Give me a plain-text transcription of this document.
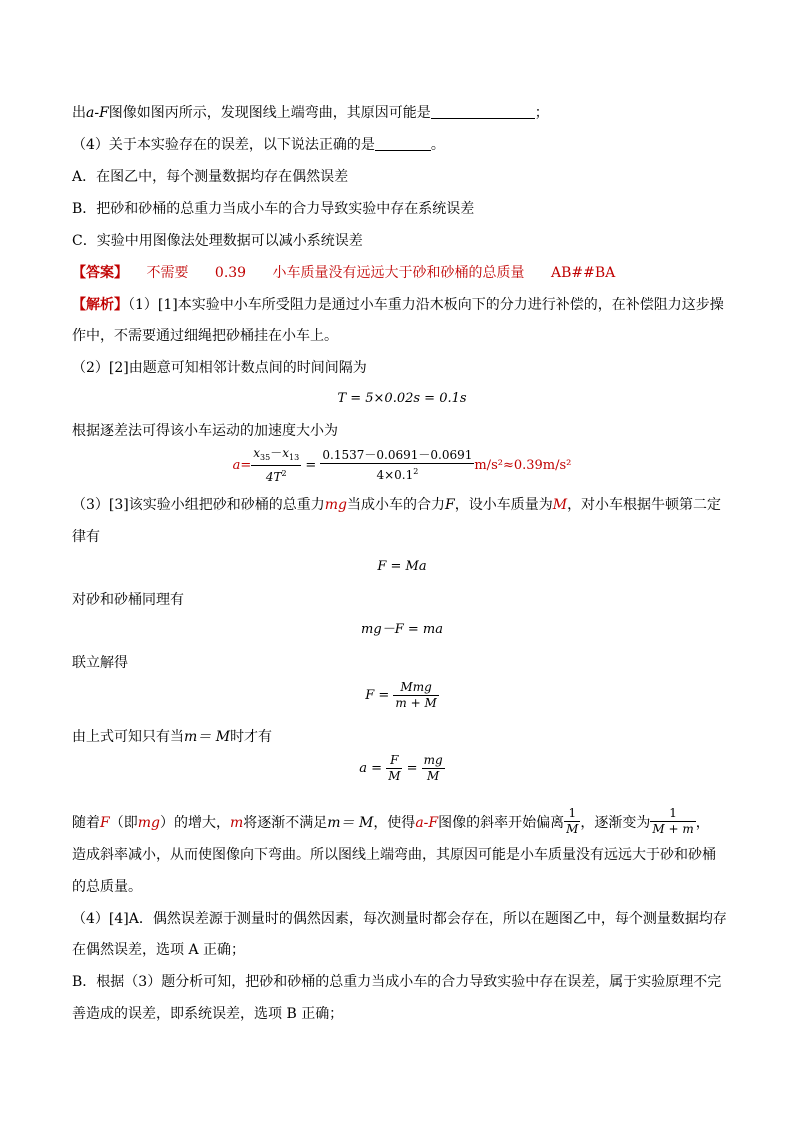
出a-F图像如图丙所示，发现图线上端弯曲，其原因可能是	；
（4）关于本实验存在的误差，以下说法正确的是	。
A．在图乙中，每个测量数据均存在偶然误差
B．把砂和砂桶的总重力当成小车的合力导致实验中存在系统误差
C．实验中用图像法处理数据可以减小系统误差
【答案】 不需要 0.39 小车质量没有远远大于砂和砂桶的总质量 AB##BA
【解析】（1）[1]本实验中小车所受阻力是通过小车重力沿木板向下的分力进行补偿的，在补偿阻力这步操
作中，不需要通过细绳把砂桶挂在小车上。
（2）[2]由题意可知相邻计数点间的时间间隔为
T = 5×0.02s = 0.1s
根据逐差法可得该小车运动的加速度大小为
$a= \frac{x_{35}-x_{13}}{4T^2} = \frac{0.1537-0.0691-0.0691}{4\times 0.1^2} m/s^2\approx 0.39m/s^2$
（3）[3]该实验小组把砂和砂桶的总重力mg当成小车的合力F，设小车质量为M，对小车根据牛顿第二定
律有
F = Ma
对砂和砂桶同理有
mg－F = ma
联立解得
$F = \frac{\text{Mmg}}{m + M}$
由上式可知只有当m＝ M时才有
$a = \frac{F}{M} = \frac{mg}{M}$
随着F（即mg）的增大，m将逐渐不满足m＝ M，使得a-F图像的斜率开始偏离 $\frac{1}{M}$ ，逐渐变为 $\frac{1}{M + m}$ ，
造成斜率减小，从而使图像向下弯曲。所以图线上端弯曲，其原因可能是小车质量没有远远大于砂和砂桶
的总质量。
（4）[4]A．偶然误差源于测量时的偶然因素，每次测量时都会存在，所以在题图乙中，每个测量数据均存
在偶然误差，选项 A 正确；
B．根据（3）题分析可知，把砂和砂桶的总重力当成小车的合力导致实验中存在误差，属于实验原理不完
善造成的误差，即系统误差，选项 B 正确；
